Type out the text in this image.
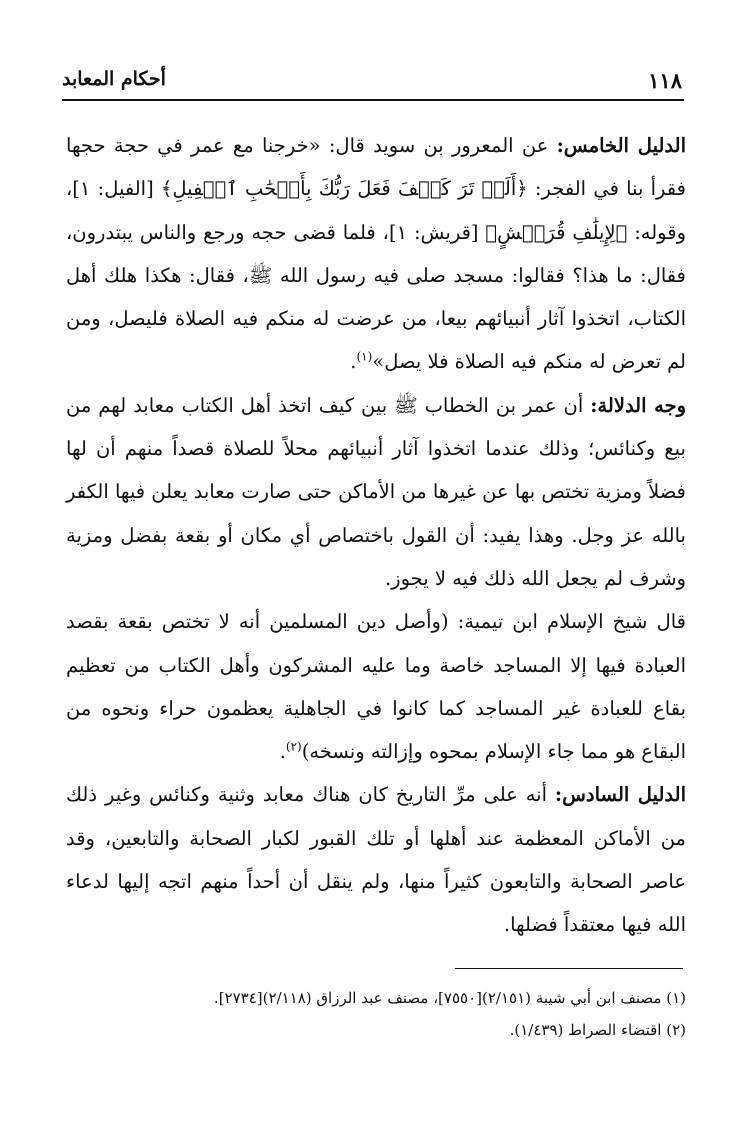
١١٨
أحكام المعابد

الدليل الخامس: عن المعرور بن سويد قال: «خرجنا مع عمر في حجة حجها فقرأ بنا في الفجر: ﴿أَلَمۡ تَرَ كَيۡفَ فَعَلَ رَبُّكَ بِأَصۡحَٰبِ ٱلۡفِيلِ﴾ [الفيل: ١]، وقوله: ﴿لِإِيلَٰفِ قُرَيۡشٍ﴾ [قريش: ١]، فلما قضى حجه ورجع والناس يبتدرون، فقال: ما هذا؟ فقالوا: مسجد صلى فيه رسول الله ﷺ، فقال: هكذا هلك أهل الكتاب، اتخذوا آثار أنبيائهم بيعا، من عرضت له منكم فيه الصلاة فليصل، ومن لم تعرض له منكم فيه الصلاة فلا يصل»$^{(١)}$.

وجه الدلالة: أن عمر بن الخطاب ﷺ بين كيف اتخذ أهل الكتاب معابد لهم من بيع وكنائس؛ وذلك عندما اتخذوا آثار أنبيائهم محلاً للصلاة قصداً منهم أن لها فضلاً ومزية تختص بها عن غيرها من الأماكن حتى صارت معابد يعلن فيها الكفر بالله عز وجل. وهذا يفيد: أن القول باختصاص أي مكان أو بقعة بفضل ومزية وشرف لم يجعل الله ذلك فيه لا يجوز.

قال شيخ الإسلام ابن تيمية: (وأصل دين المسلمين أنه لا تختص بقعة بقصد العبادة فيها إلا المساجد خاصة وما عليه المشركون وأهل الكتاب من تعظيم بقاع للعبادة غير المساجد كما كانوا في الجاهلية يعظمون حراء ونحوه من البقاع هو مما جاء الإسلام بمحوه وإزالته ونسخه)$^{(٢)}$.

الدليل السادس: أنه على مرِّ التاريخ كان هناك معابد وثنية وكنائس وغير ذلك من الأماكن المعظمة عند أهلها أو تلك القبور لكبار الصحابة والتابعين، وقد عاصر الصحابة والتابعون كثيراً منها، ولم ينقل أن أحداً منهم اتجه إليها لدعاء الله فيها معتقداً فضلها.

(١) مصنف ابن أبي شيبة (٢/١٥١)[٧٥٥٠]، مصنف عبد الرزاق (٢/١١٨)[٢٧٣٤].

(٢) اقتضاء الصراط (١/٤٣٩).
